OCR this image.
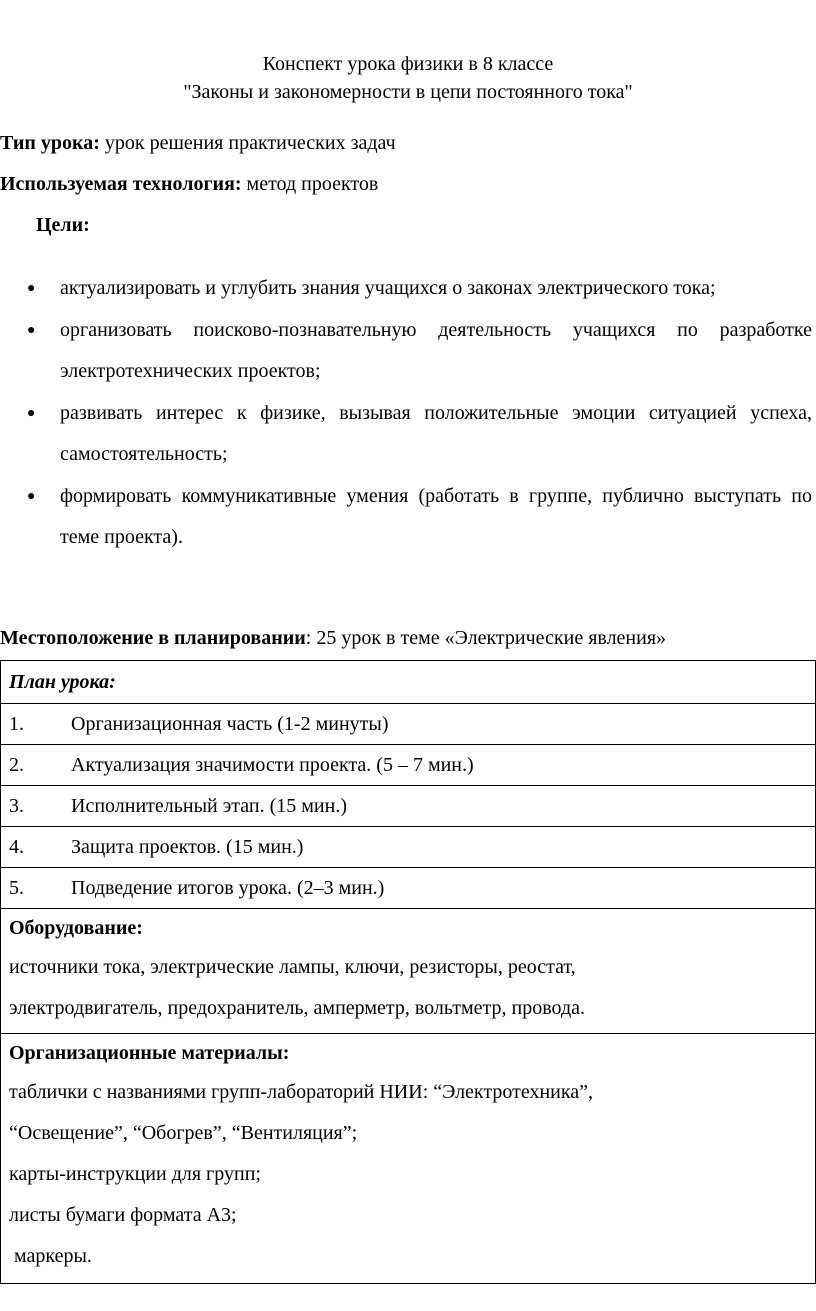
Конспект урока физики в 8 классе
"Законы и закономерности в цепи постоянного тока"
Тип урока: урок решения практических задач
Используемая технология: метод проектов
Цели:
● актуализировать и углубить знания учащихся о законах электрического тока;
● организовать поисково-познавательную деятельность учащихся по разработке электротехнических проектов;
● развивать интерес к физике, вызывая положительные эмоции ситуацией успеха, самостоятельность;
● формировать коммуникативные умения (работать в группе, публично выступать по теме проекта).
Местоположение в планировании: 25 урок в теме «Электрические явления»
План урока:
1. Организационная часть (1-2 минуты)
2. Актуализация значимости проекта. (5 – 7 мин.)
3. Исполнительный этап. (15 мин.)
4. Защита проектов. (15 мин.)
5. Подведение итогов урока. (2–3 мин.)

Оборудование:
источники тока, электрические лампы, ключи, резисторы, реостат,
электродвигатель, предохранитель, амперметр, вольтметр, провода.

Организационные материалы:
таблички с названиями групп-лабораторий НИИ: “Электротехника”,
“Освещение”, “Обогрев”, “Вентиляция”;
карты-инструкции для групп;
листы бумаги формата А3;
маркеры.
